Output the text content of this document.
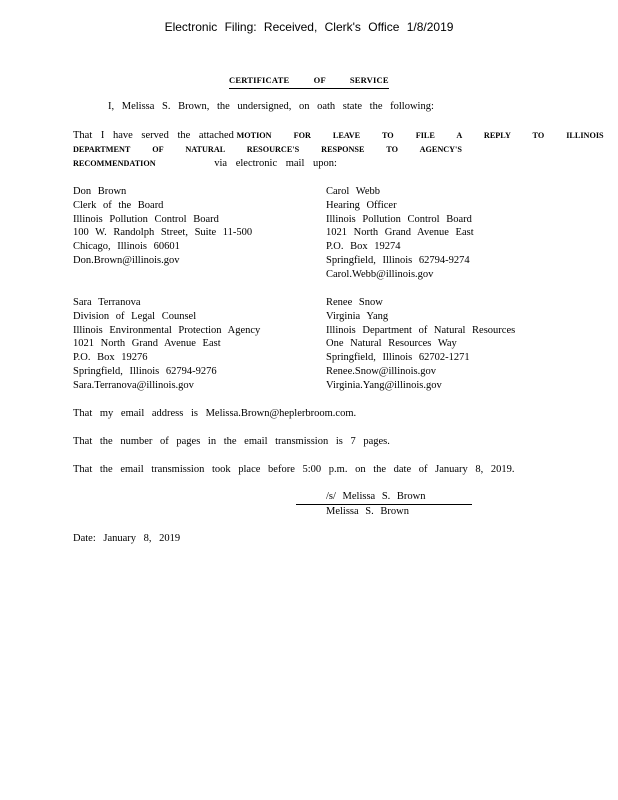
Electronic Filing: Received, Clerk's Office 1/8/2019
CERTIFICATE OF SERVICE
I, Melissa S. Brown, the undersigned, on oath state the following:
That I have served the attached MOTION FOR LEAVE TO FILE A REPLY TO ILLINOIS
DEPARTMENT OF NATURAL RESOURCE'S RESPONSE TO AGENCY'S
RECOMMENDATION	via electronic mail upon:
Don Brown
Clerk of the Board
Illinois Pollution Control Board
100 W. Randolph Street, Suite 11-500
Chicago, Illinois 60601
Don.Brown@illinois.gov
Carol Webb
Hearing Officer
Illinois Pollution Control Board
1021 North Grand Avenue East
P.O. Box 19274
Springfield, Illinois 62794-9274
Carol.Webb@illinois.gov
Sara Terranova
Division of Legal Counsel
Illinois Environmental Protection Agency
1021 North Grand Avenue East
P.O. Box 19276
Springfield, Illinois 62794-9276
Sara.Terranova@illinois.gov
Renee Snow
Virginia Yang
Illinois Department of Natural Resources
One Natural Resources Way
Springfield, Illinois 62702-1271
Renee.Snow@illinois.gov
Virginia.Yang@illinois.gov
That my email address is Melissa.Brown@heplerbroom.com.
That the number of pages in the email transmission is 7 pages.
That the email transmission took place before 5:00 p.m. on the date of January 8, 2019.
/s/ Melissa S. Brown
Melissa S. Brown
Date: January 8, 2019
